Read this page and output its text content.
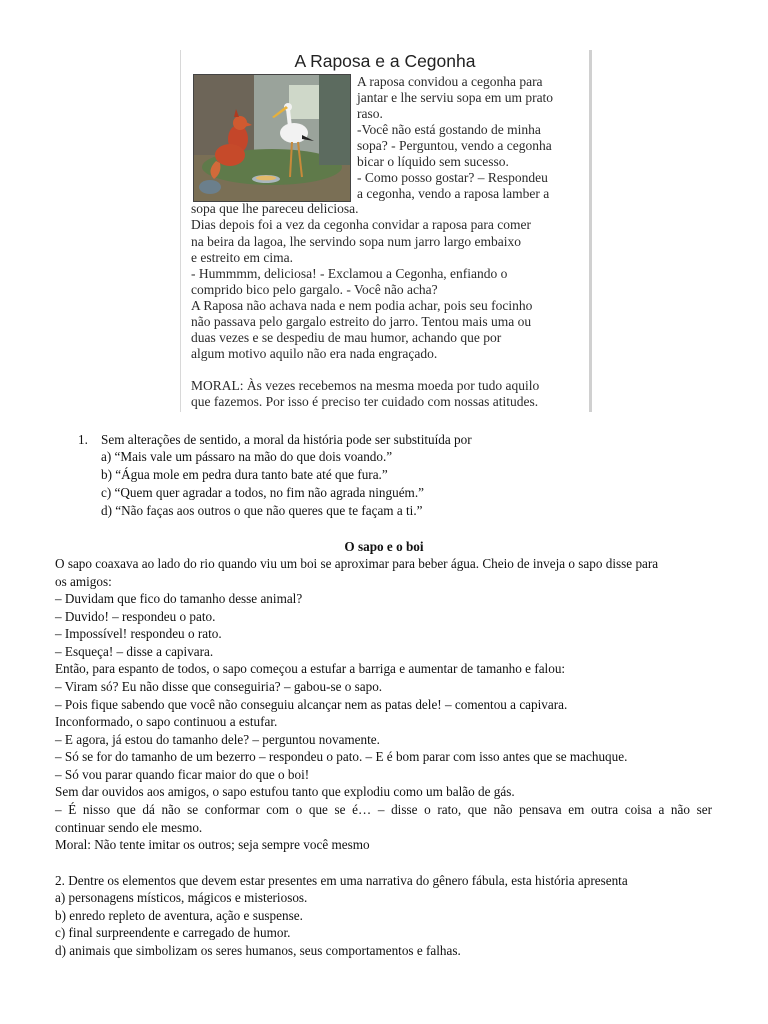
A Raposa e a Cegonha
A raposa convidou a cegonha para
jantar e lhe serviu sopa em um prato
raso.
-Você não está gostando de minha
sopa? - Perguntou, vendo a cegonha
bicar o líquido sem sucesso.
- Como posso gostar? – Respondeu
a cegonha, vendo a raposa lamber a
sopa que lhe pareceu deliciosa.
Dias depois foi a vez da cegonha convidar a raposa para comer
na beira da lagoa, lhe servindo sopa num jarro largo embaixo
e estreito em cima.
- Hummmm, deliciosa! - Exclamou a Cegonha, enfiando o
comprido bico pelo gargalo. - Você não acha?
A Raposa não achava nada e nem podia achar, pois seu focinho
não passava pelo gargalo estreito do jarro. Tentou mais uma ou
duas vezes e se despediu de mau humor, achando que por
algum motivo aquilo não era nada engraçado.
MORAL: Às vezes recebemos na mesma moeda por tudo aquilo
que fazemos. Por isso é preciso ter cuidado com nossas atitudes.
1. Sem alterações de sentido, a moral da história pode ser substituída por
a) “Mais vale um pássaro na mão do que dois voando.”
b) “Água mole em pedra dura tanto bate até que fura.”
c) “Quem quer agradar a todos, no fim não agrada ninguém.”
d) “Não faças aos outros o que não queres que te façam a ti.”
O sapo e o boi
O sapo coaxava ao lado do rio quando viu um boi se aproximar para beber água. Cheio de inveja o sapo disse para
os amigos:
– Duvidam que fico do tamanho desse animal?
– Duvido! – respondeu o pato.
– Impossível! respondeu o rato.
– Esqueça! – disse a capivara.
Então, para espanto de todos, o sapo começou a estufar a barriga e aumentar de tamanho e falou:
– Viram só? Eu não disse que conseguiria? – gabou-se o sapo.
– Pois fique sabendo que você não conseguiu alcançar nem as patas dele! – comentou a capivara.
Inconformado, o sapo continuou a estufar.
– E agora, já estou do tamanho dele? – perguntou novamente.
– Só se for do tamanho de um bezerro – respondeu o pato. – E é bom parar com isso antes que se machuque.
– Só vou parar quando ficar maior do que o boi!
Sem dar ouvidos aos amigos, o sapo estufou tanto que explodiu como um balão de gás.
– É nisso que dá não se conformar com o que se é… – disse o rato, que não pensava em outra coisa a não ser
continuar sendo ele mesmo.
Moral: Não tente imitar os outros; seja sempre você mesmo
2. Dentre os elementos que devem estar presentes em uma narrativa do gênero fábula, esta história apresenta
a) personagens místicos, mágicos e misteriosos.
b) enredo repleto de aventura, ação e suspense.
c) final surpreendente e carregado de humor.
d) animais que simbolizam os seres humanos, seus comportamentos e falhas.
